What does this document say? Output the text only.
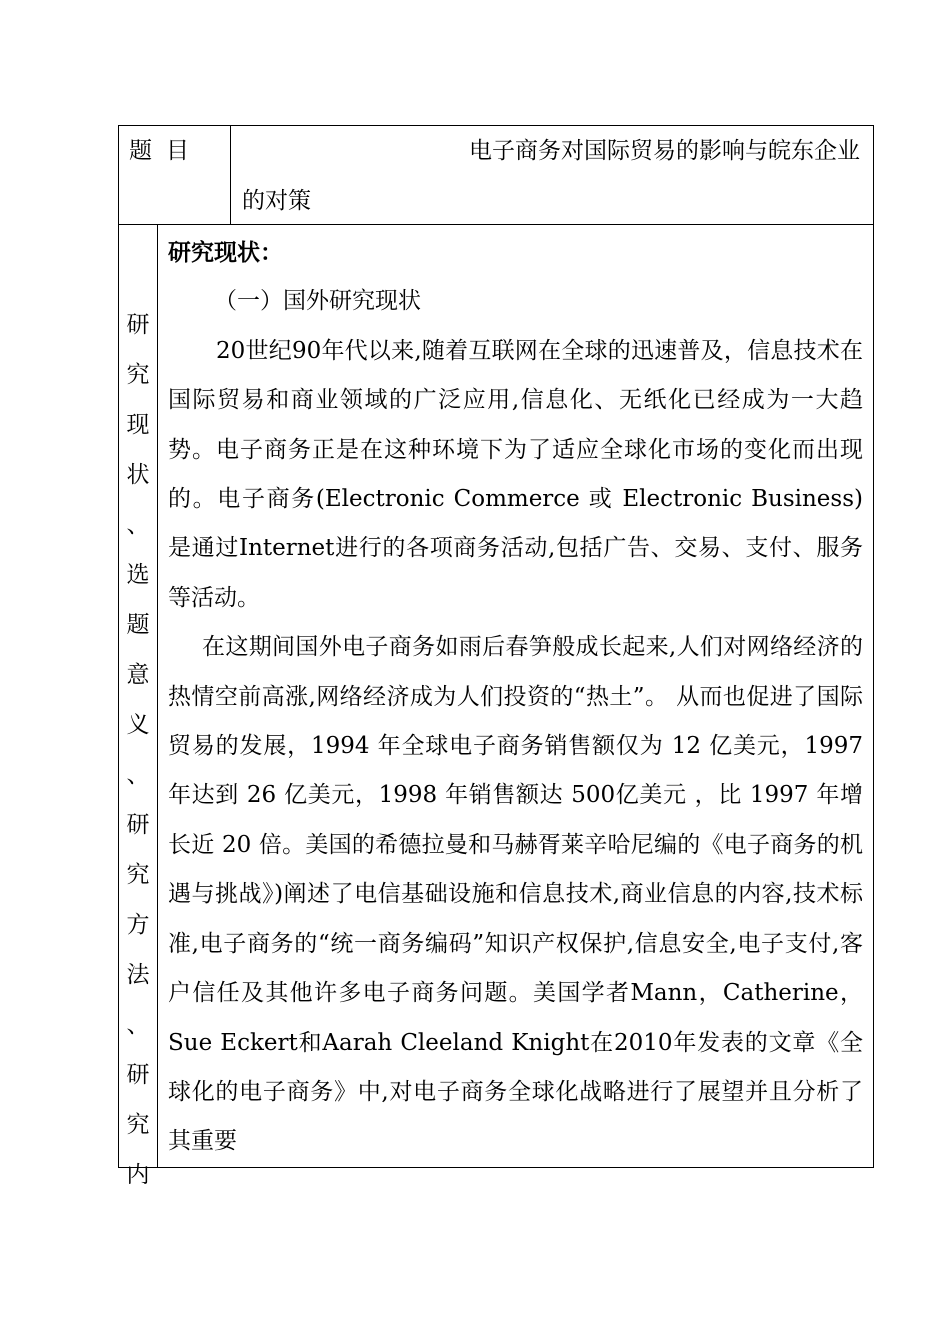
题目	电子商务对国际贸易的影响与皖东企业
的对策
研
究
现
状
、
选
题
意
义
、
研
究
方
法
、
研
究
内

研究现状：

（一）国外研究现状

20世纪90年代以来,随着互联网在全球的迅速普及，信息技术在国际贸易和商业领域的广泛应用,信息化、无纸化已经成为一大趋势。电子商务正是在这种环境下为了适应全球化市场的变化而出现的。电子商务(Electronic Commerce 或 Electronic Business)是通过Internet进行的各项商务活动,包括广告、交易、支付、服务等活动。

在这期间国外电子商务如雨后春笋般成长起来,人们对网络经济的热情空前高涨,网络经济成为人们投资的“热土”。 从而也促进了国际贸易的发展，1994 年全球电子商务销售额仅为 12 亿美元，1997年达到 26 亿美元，1998 年销售额达 500亿美元 ，比 1997 年增长近 20 倍。美国的希德拉曼和马赫胥莱辛哈尼编的《电子商务的机遇与挑战》)阐述了电信基础设施和信息技术,商业信息的内容,技术标准,电子商务的“统一商务编码”知识产权保护,信息安全,电子支付,客户信任及其他许多电子商务问题。美国学者Mann，Catherine，Sue Eckert和Aarah Cleeland Knight在2010年发表的文章《全球化的电子商务》中,对电子商务全球化战略进行了展望并且分析了其重要
